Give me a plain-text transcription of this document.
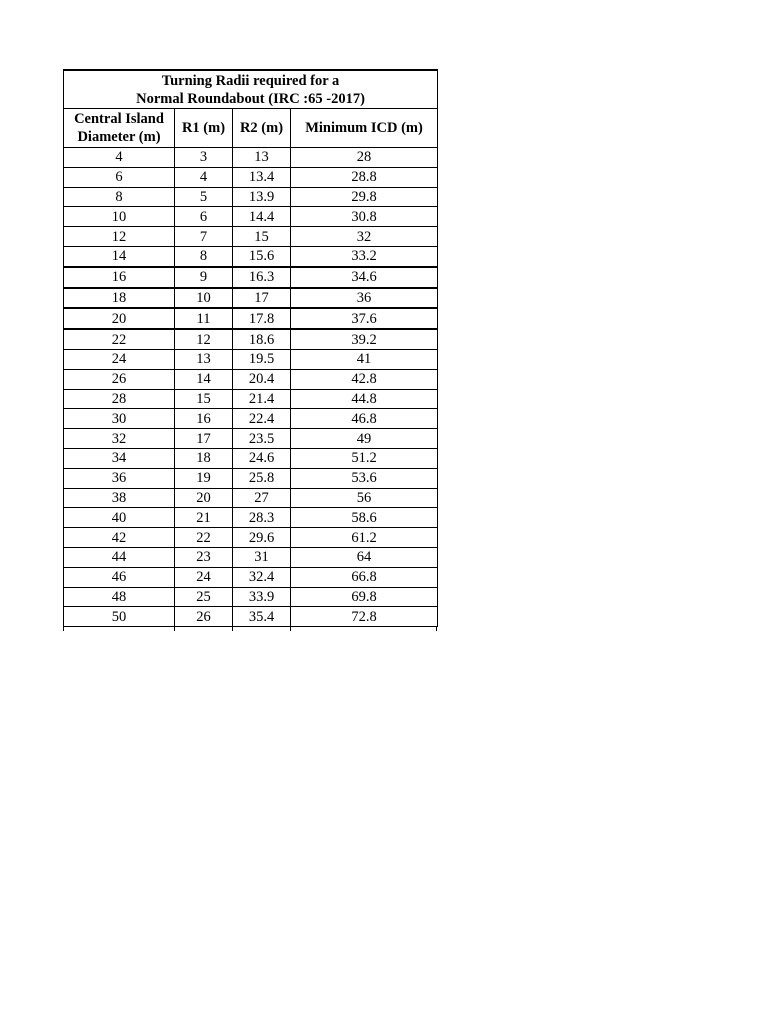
Turning Radii required for a
Normal Roundabout (IRC :65 -2017)			
Central Island
Diameter (m)	R1 (m)	R2 (m)	Minimum ICD (m)
4	3	13	28
6	4	13.4	28.8
8	5	13.9	29.8
10	6	14.4	30.8
12	7	15	32
14	8	15.6	33.2
16	9	16.3	34.6
18	10	17	36
20	11	17.8	37.6
22	12	18.6	39.2
24	13	19.5	41
26	14	20.4	42.8
28	15	21.4	44.8
30	16	22.4	46.8
32	17	23.5	49
34	18	24.6	51.2
36	19	25.8	53.6
38	20	27	56
40	21	28.3	58.6
42	22	29.6	61.2
44	23	31	64
46	24	32.4	66.8
48	25	33.9	69.8
50	26	35.4	72.8
